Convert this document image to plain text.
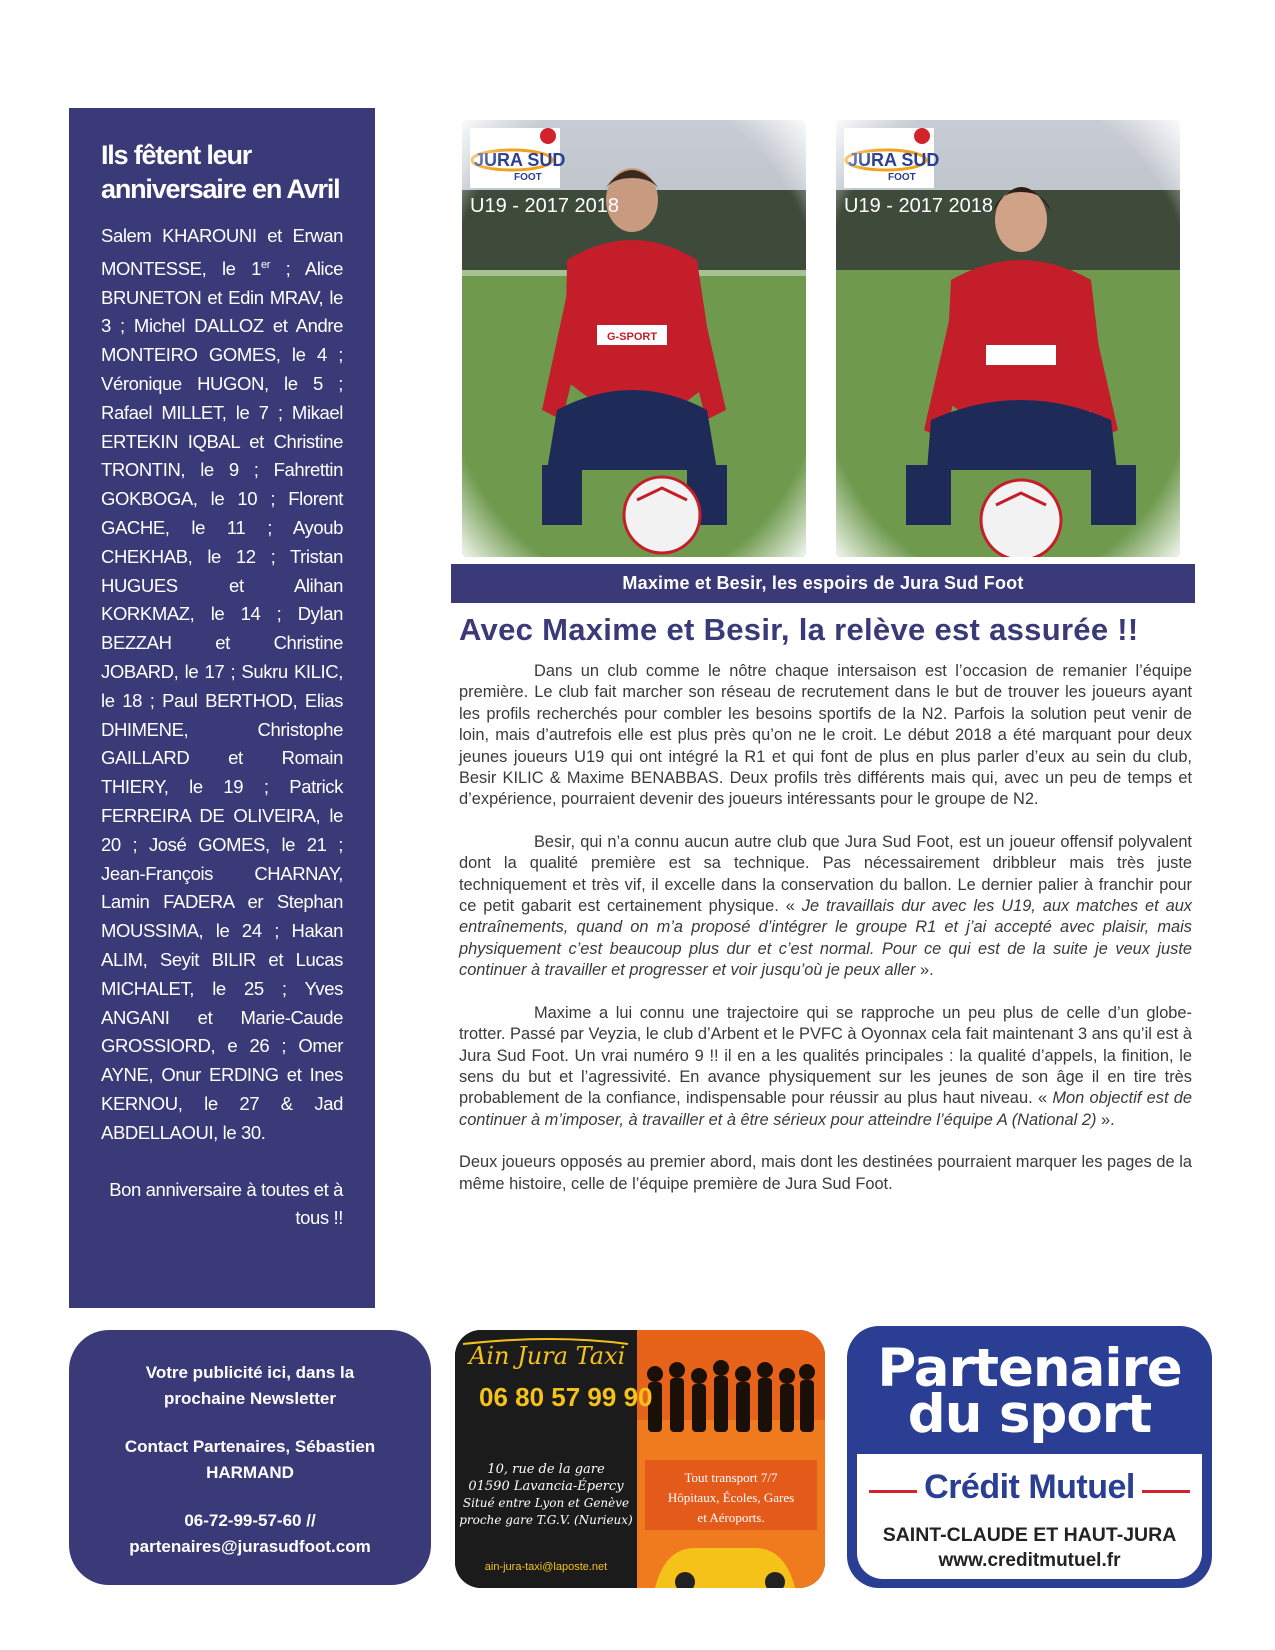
Ils fêtent leur anniversaire en Avril

Salem KHAROUNI et Erwan MONTESSE, le 1er ; Alice BRUNETON et Edin MRAV, le 3 ; Michel DALLOZ et Andre MONTEIRO GOMES, le 4 ; Véronique HUGON, le 5 ; Rafael MILLET, le 7 ; Mikael ERTEKIN IQBAL et Christine TRONTIN, le 9 ; Fahrettin GOKBOGA, le 10 ; Florent GACHE, le 11 ; Ayoub CHEKHAB, le 12 ; Tristan HUGUES et Alihan KORKMAZ, le 14 ; Dylan BEZZAH et Christine JOBARD, le 17 ; Sukru KILIC, le 18 ; Paul BERTHOD, Elias DHIMENE, Christophe GAILLARD et Romain THIERY, le 19 ; Patrick FERREIRA DE OLIVEIRA, le 20 ; José GOMES, le 21 ; Jean-François CHARNAY, Lamin FADERA er Stephan MOUSSIMA, le 24 ; Hakan ALIM, Seyit BILIR et Lucas MICHALET, le 25 ; Yves ANGANI et Marie-Caude GROSSIORD, e 26 ; Omer AYNE, Onur ERDING et Ines KERNOU, le 27 & Jad ABDELLAOUI, le 30.

Bon anniversaire à toutes et à tous !!

Maxime et Besir, les espoirs de Jura Sud Foot
Avec Maxime et Besir, la relève est assurée !!

Dans un club comme le nôtre chaque intersaison est l’occasion de remanier l’équipe première. Le club fait marcher son réseau de recrutement dans le but de trouver les joueurs ayant les profils recherchés pour combler les besoins sportifs de la N2. Parfois la solution peut venir de loin, mais d’autrefois elle est plus près qu’on ne le croit. Le début 2018 a été marquant pour deux jeunes joueurs U19 qui ont intégré la R1 et qui font de plus en plus parler d’eux au sein du club, Besir KILIC & Maxime BENABBAS. Deux profils très différents mais qui, avec un peu de temps et d’expérience, pourraient devenir des joueurs intéressants pour le groupe de N2.

Besir, qui n’a connu aucun autre club que Jura Sud Foot, est un joueur offensif polyvalent dont la qualité première est sa technique. Pas nécessairement dribbleur mais très juste techniquement et très vif, il excelle dans la conservation du ballon. Le dernier palier à franchir pour ce petit gabarit est certainement physique. « Je travaillais dur avec les U19, aux matches et aux entraînements, quand on m’a proposé d’intégrer le groupe R1 et j’ai accepté avec plaisir, mais physiquement c’est beaucoup plus dur et c’est normal. Pour ce qui est de la suite je veux juste continuer à travailler et progresser et voir jusqu’où je peux aller ».

Maxime a lui connu une trajectoire qui se rapproche un peu plus de celle d’un globe-trotter. Passé par Veyzia, le club d’Arbent et le PVFC à Oyonnax cela fait maintenant 3 ans qu’il est à Jura Sud Foot. Un vrai numéro 9 !! il en a les qualités principales : la qualité d’appels, la finition, le sens du but et l’agressivité. En avance physiquement sur les jeunes de son âge il en tire très probablement de la confiance, indispensable pour réussir au plus haut niveau. « Mon objectif est de continuer à m’imposer, à travailler et à être sérieux pour atteindre l’équipe A (National 2) ».

Deux joueurs opposés au premier abord, mais dont les destinées pourraient marquer les pages de la même histoire, celle de l’équipe première de Jura Sud Foot.

Votre publicité ici, dans la prochaine Newsletter
Contact Partenaires, Sébastien HARMAND
06-72-99-57-60 // partenaires@jurasudfoot.com
Ain Jura Taxi
06 80 57 99 90
10, rue de la gare
01590 Lavancia-Épercy
Situé entre Lyon et Genève
proche gare T.G.V. (Nurieux)
ain-jura-taxi@laposte.net
Tout transport 7/7
Hôpitaux, Écoles, Gares
et Aéroports.
Partenaire
du sport
Crédit Mutuel
SAINT-CLAUDE ET HAUT-JURA
www.creditmutuel.fr
